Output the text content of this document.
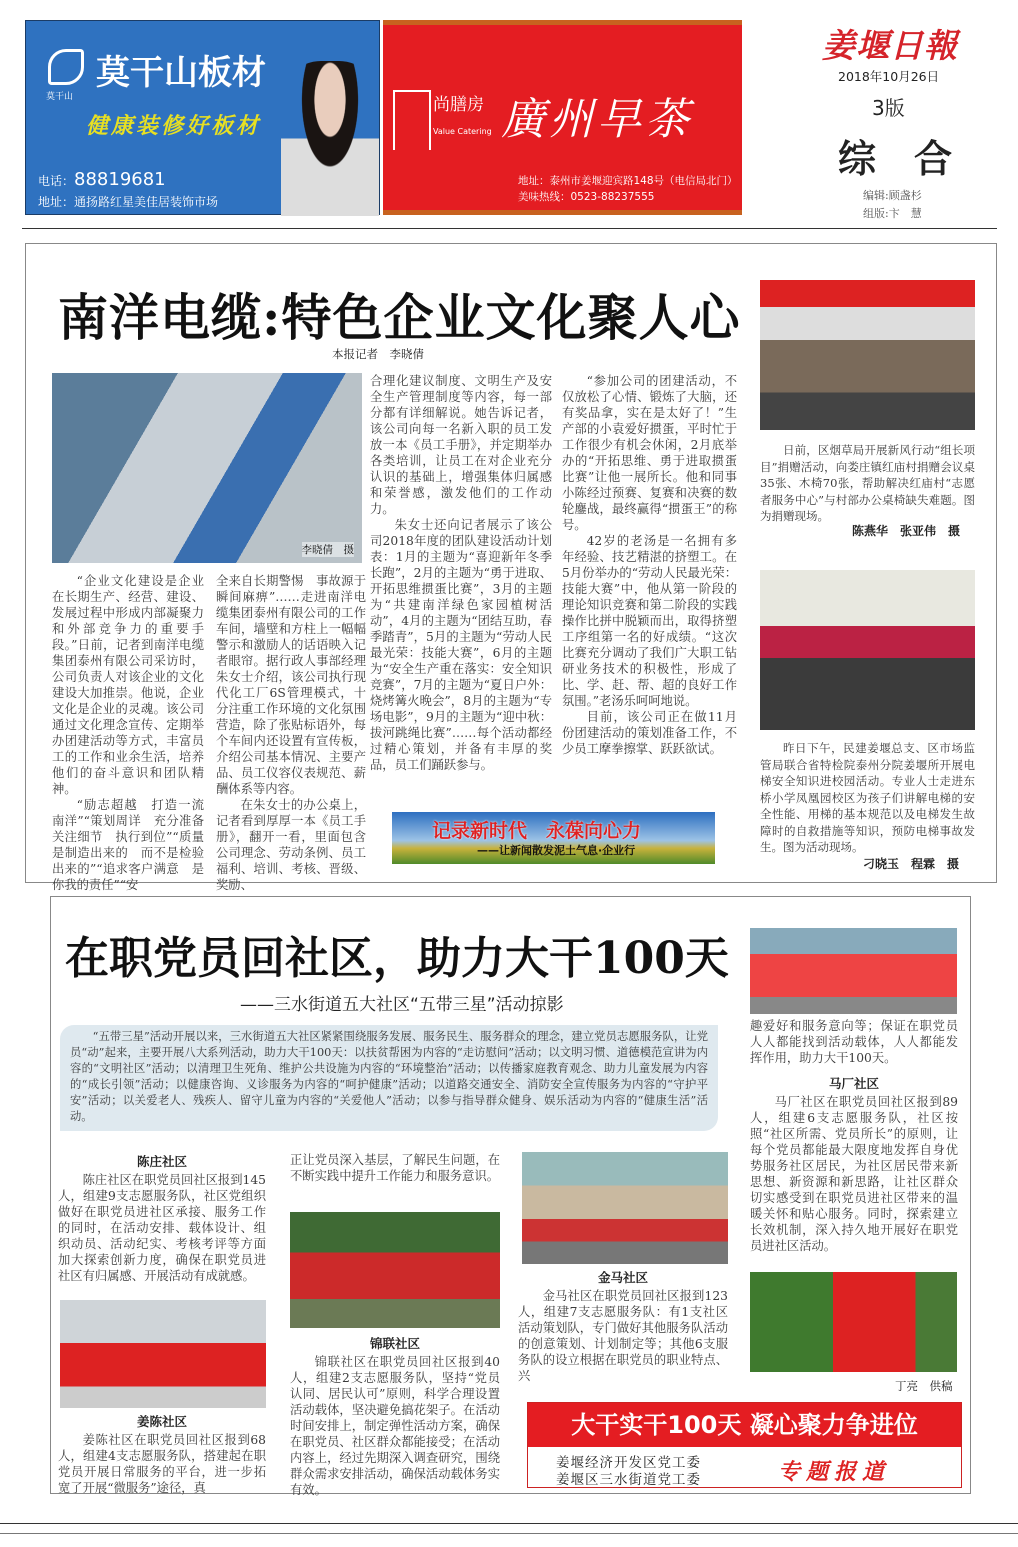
莫干山
莫干山板材
健康装修好板材
电话：88819681
地址：通扬路红星美佳居装饰市场
尚膳房
Value Catering 廣州早茶
地址：泰州市姜堰迎宾路148号（电信局北门）
美味热线：0523-88237555
姜堰日報
2018年10月26日
3版
综　合
编辑:顾盏杉
组版:卞　慧
南洋电缆:特色企业文化聚人心
本报记者　李晓倩
李晓倩　摄

“企业文化建设是企业在长期生产、经营、建设、发展过程中形成内部凝聚力和外部竞争力的重要手段。”日前，记者到南洋电缆集团泰州有限公司采访时，公司负责人对该企业的文化建设大加推崇。他说，企业文化是企业的灵魂。该公司通过文化理念宣传、定期举办团建活动等方式，丰富员工的工作和业余生活，培养他们的奋斗意识和团队精神。

“励志超越　打造一流南洋”“策划周详　充分准备　关注细节　执行到位”“质量是制造出来的　而不是检验出来的”“追求客户满意　是你我的责任”“安

全来自长期警惕　事故源于瞬间麻痹”……走进南洋电缆集团泰州有限公司的工作车间，墙壁和方柱上一幅幅警示和激励人的话语映入记者眼帘。据行政人事部经理朱女士介绍，该公司执行现代化工厂6S管理模式，十分注重工作环境的文化氛围营造，除了张贴标语外，每个车间内还设置有宣传板，介绍公司基本情况、主要产品、员工仪容仪表规范、薪酬体系等内容。

在朱女士的办公桌上，记者看到厚厚一本《员工手册》，翻开一看，里面包含公司理念、劳动条例、员工福利、培训、考核、晋级、奖励、

合理化建议制度、文明生产及安全生产管理制度等内容，每一部分都有详细解说。她告诉记者，该公司向每一名新入职的员工发放一本《员工手册》，并定期举办各类培训，让员工在对企业充分认识的基础上，增强集体归属感和荣誉感，激发他们的工作动力。

朱女士还向记者展示了该公司2018年度的团队建设活动计划表：1月的主题为“喜迎新年冬季长跑”，2月的主题为“勇于进取、开拓思维掼蛋比赛”，3月的主题为“共建南洋绿色家园植树活动”，4月的主题为“团结互助，春季踏青”，5月的主题为“劳动人民最光荣：技能大赛”，6月的主题为“安全生产重在落实：安全知识竞赛”，7月的主题为“夏日户外：烧烤篝火晚会”，8月的主题为“专场电影”，9月的主题为“迎中秋：拔河跳绳比赛”……每个活动都经过精心策划，并备有丰厚的奖品，员工们踊跃参与。

“参加公司的团建活动，不仅放松了心情、锻炼了大脑，还有奖品拿，实在是太好了！”生产部的小袁爱好掼蛋，平时忙于工作很少有机会休闲，2月底举办的“开拓思维、勇于进取掼蛋比赛”让他一展所长。他和同事小陈经过预赛、复赛和决赛的数轮鏖战，最终赢得“掼蛋王”的称号。

42岁的老汤是一名拥有多年经验、技艺精湛的挤塑工。在5月份举办的“劳动人民最光荣：技能大赛”中，他从第一阶段的理论知识竞赛和第二阶段的实践操作比拼中脱颖而出，取得挤塑工序组第一名的好成绩。“这次比赛充分调动了我们广大职工钻研业务技术的积极性，形成了比、学、赶、帮、超的良好工作氛围。”老汤乐呵呵地说。

目前，该公司正在做11月份团建活动的策划准备工作，不少员工摩拳擦掌、跃跃欲试。

记录新时代　永葆向心力
——让新闻散发泥土气息·企业行

日前，区烟草局开展新风行动“组长项目”捐赠活动，向娄庄镇红庙村捐赠会议桌35张、木椅70张，帮助解决红庙村“志愿者服务中心”与村部办公桌椅缺失难题。图为捐赠现场。

陈燕华　张亚伟　摄

昨日下午，民建姜堰总支、区市场监管局联合省特检院泰州分院姜堰所开展电梯安全知识进校园活动。专业人士走进东桥小学凤凰园校区为孩子们讲解电梯的安全性能、用梯的基本规范以及电梯发生故障时的自救措施等知识，预防电梯事故发生。图为活动现场。

刁晓玉　程霖　摄
在职党员回社区，助力大干100天
——三水街道五大社区“五带三星”活动掠影

“五带三星”活动开展以来，三水街道五大社区紧紧围绕服务发展、服务民生、服务群众的理念，建立党员志愿服务队，让党员“动”起来，主要开展八大系列活动，助力大干100天：以扶贫帮困为内容的“走访慰问”活动；以文明习惯、道德模范宣讲为内容的“文明社区”活动；以清理卫生死角、维护公共设施为内容的“环境整治”活动；以传播家庭教育观念、助力儿童发展为内容的“成长引领”活动；以健康咨询、义诊服务为内容的“呵护健康”活动；以道路交通安全、消防安全宣传服务为内容的“守护平安”活动；以关爱老人、残疾人、留守儿童为内容的“关爱他人”活动；以参与指导群众健身、娱乐活动为内容的“健康生活”活动。

陈庄社区

陈庄社区在职党员回社区报到145人，组建9支志愿服务队，社区党组织做好在职党员进社区承接、服务工作的同时，在活动安排、载体设计、组织动员、活动纪实、考核考评等方面加大探索创新力度，确保在职党员进社区有归属感、开展活动有成就感。

姜陈社区

姜陈社区在职党员回社区报到68人，组建4支志愿服务队，搭建起在职党员开展日常服务的平台，进一步拓宽了开展“微服务”途径，真

正让党员深入基层，了解民生问题，在不断实践中提升工作能力和服务意识。

锦联社区

锦联社区在职党员回社区报到40人，组建2支志愿服务队，坚持“党员认同、居民认可”原则，科学合理设置活动载体，坚决避免搞花架子。在活动时间安排上，制定弹性活动方案，确保在职党员、社区群众都能接受；在活动内容上，经过先期深入调查研究，围绕群众需求安排活动，确保活动载体务实有效。

金马社区

金马社区在职党员回社区报到123人，组建7支志愿服务队：有1支社区活动策划队，专门做好其他服务队活动的创意策划、计划制定等；其他6支服务队的设立根据在职党员的职业特点、兴

趣爱好和服务意向等；保证在职党员人人都能找到活动载体，人人都能发挥作用，助力大干100天。

马厂社区

马厂社区在职党员回社区报到89人，组建6支志愿服务队，社区按照“社区所需、党员所长”的原则，让每个党员都能最大限度地发挥自身优势服务社区居民，为社区居民带来新思想、新资源和新思路，让社区群众切实感受到在职党员进社区带来的温暖关怀和贴心服务。同时，探索建立长效机制，深入持久地开展好在职党员进社区活动。

丁亮　供稿
大干实干100天 凝心聚力争进位
姜堰经济开发区党工委
姜堰区三水街道党工委	专题报道
